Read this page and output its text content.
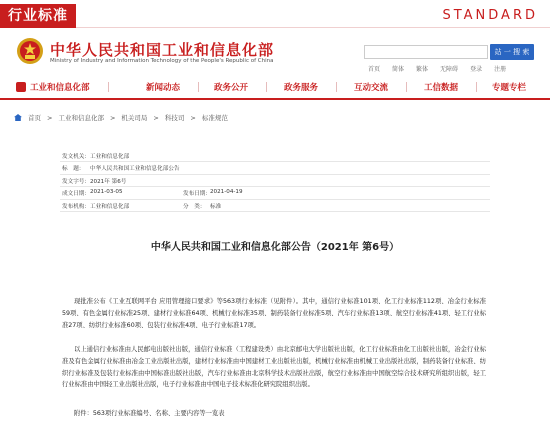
行业标准	STANDARD
中华人民共和国工业和信息化部
Ministry of Industry and Information Technology of the People's Republic of China
站 一 搜 索
首页 简体 繁体 无障碍 登录 注册
工业和信息化部	新闻动态	政务公开	政务服务	互动交流	工信数据	专题专栏
首页 > 工业和信息化部 > 机关司局 > 科技司 > 标准规范
发文机关： 工业和信息化部
标　题： 中华人民共和国工业和信息化部公告
发文字号： 2021年 第6号
成文日期： 2021-03-05	发布日期： 2021-04-19
发布机构： 工业和信息化部	分　类： 标准
中华人民共和国工业和信息化部公告（2021年 第6号）
现批准公布《工业互联网平台 应用管理接口要求》等563项行业标准（见附件）。其中，通信行业标准101项、化工行业标准112项、冶金行业标准59项、有色金属行业标准25项、建材行业标准64项、机械行业标准35项、制药装备行业标准5项、汽车行业标准13项、航空行业标准41项、轻工行业标准27项、纺织行业标准60项、包装行业标准4项、电子行业标准17项。
以上通信行业标准由人民邮电出版社出版，通信行业标准（工程建设类）由北京邮电大学出版社出版，化工行业标准由化工出版社出版，冶金行业标准及有色金属行业标准由冶金工业出版社出版，建材行业标准由中国建材工业出版社出版，机械行业标准由机械工业出版社出版，制药装备行业标准、纺织行业标准及包装行业标准由中国标准出版社出版，汽车行业标准由北京科学技术出版社出版，航空行业标准由中国航空综合技术研究所组织出版，轻工行业标准由中国轻工业出版社出版，电子行业标准由中国电子技术标准化研究院组织出版。
附件：563项行业标准编号、名称、主要内容等一览表
